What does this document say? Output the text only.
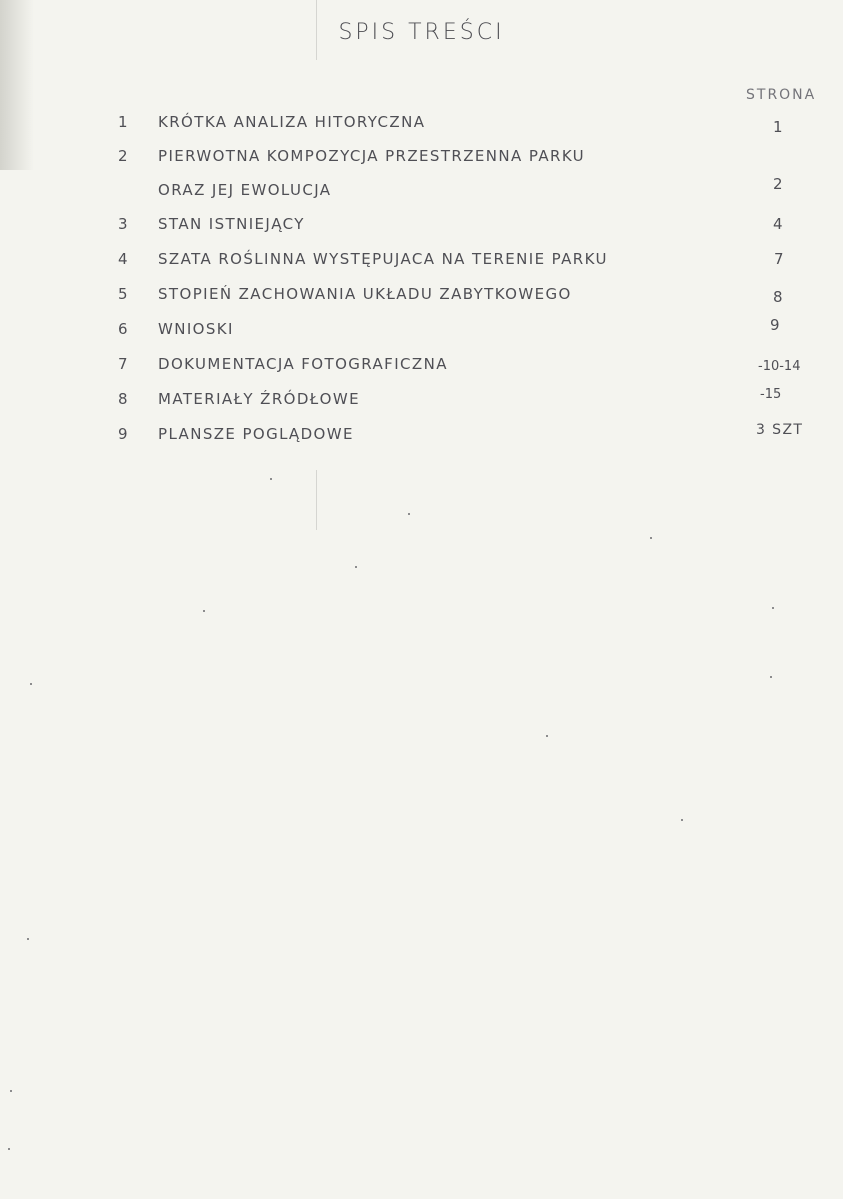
SPIS TREŚCI
STRONA
1	KRÓTKA ANALIZA HITORYCZNA	1
2	PIERWOTNA KOMPOZYCJA PRZESTRZENNA PARKU
ORAZ JEJ EWOLUCJA	2
3	STAN ISTNIEJĄCY	4
4	SZATA ROŚLINNA WYSTĘPUJACA NA TERENIE PARKU	7
5	STOPIEŃ ZACHOWANIA UKŁADU ZABYTKOWEGO	8
6	WNIOSKI	9
7	DOKUMENTACJA FOTOGRAFICZNA	-10-14
8	MATERIAŁY ŹRÓDŁOWE	-15
9	PLANSZE POGLĄDOWE	3 SZT
